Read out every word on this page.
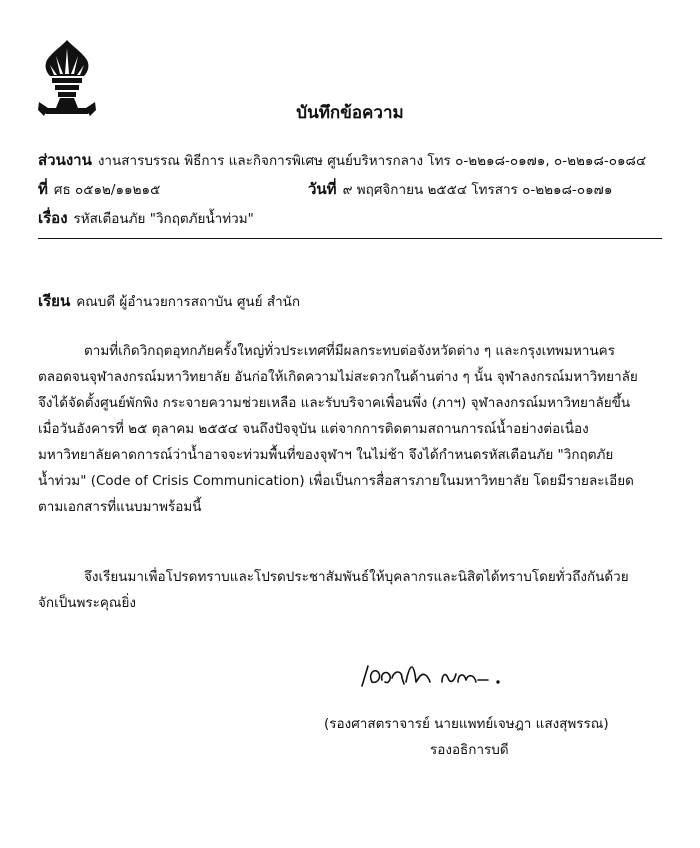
บันทึกข้อความ
ส่วนงาน งานสารบรรณ พิธีการ และกิจการพิเศษ ศูนย์บริหารกลาง โทร ๐-๒๒๑๘-๐๑๗๑, ๐-๒๒๑๘-๐๑๘๔
ที่ ศธ ๐๕๑๒/๑๑๒๑๕	วันที่ ๙ พฤศจิกายน ๒๕๕๔ โทรสาร ๐-๒๒๑๘-๐๑๗๑
เรื่อง รหัสเตือนภัย "วิกฤตภัยน้ำท่วม"
เรียน คณบดี ผู้อำนวยการสถาบัน ศูนย์ สำนัก
ตามที่เกิดวิกฤตอุทกภัยครั้งใหญ่ทั่วประเทศที่มีผลกระทบต่อจังหวัดต่าง ๆ และกรุงเทพมหานคร
ตลอดจนจุฬาลงกรณ์มหาวิทยาลัย อันก่อให้เกิดความไม่สะดวกในด้านต่าง ๆ นั้น จุฬาลงกรณ์มหาวิทยาลัย
จึงได้จัดตั้งศูนย์พักพิง กระจายความช่วยเหลือ และรับบริจาคเพื่อนพึ่ง (ภาฯ) จุฬาลงกรณ์มหาวิทยาลัยขึ้น
เมื่อวันอังคารที่ ๒๕ ตุลาคม ๒๕๕๔ จนถึงปัจจุบัน แต่จากการติดตามสถานการณ์น้ำอย่างต่อเนื่อง
มหาวิทยาลัยคาดการณ์ว่าน้ำอาจจะท่วมพื้นที่ของจุฬาฯ ในไม่ช้า จึงได้กำหนดรหัสเตือนภัย "วิกฤตภัย
น้ำท่วม" (Code of Crisis Communication) เพื่อเป็นการสื่อสารภายในมหาวิทยาลัย โดยมีรายละเอียด
ตามเอกสารที่แนบมาพร้อมนี้
จึงเรียนมาเพื่อโปรดทราบและโปรดประชาสัมพันธ์ให้บุคลากรและนิสิตได้ทราบโดยทั่วถึงกันด้วย
จักเป็นพระคุณยิ่ง
(รองศาสตราจารย์ นายแพทย์เจษฎา แสงสุพรรณ)
รองอธิการบดี
